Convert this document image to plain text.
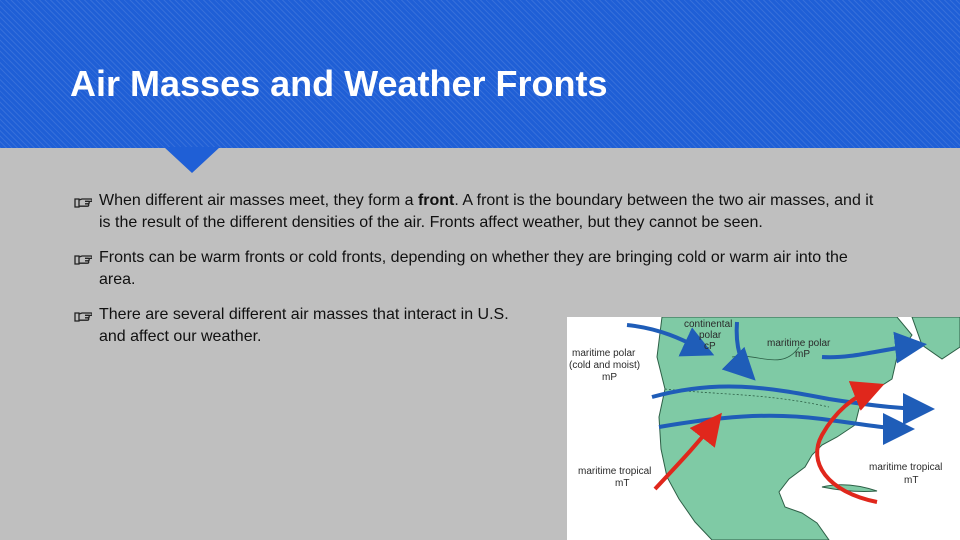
Air Masses and Weather Fronts
When different air masses meet, they form a front. A front is the boundary between the two air masses, and it is the result of the different densities of the air. Fronts affect weather, but they cannot be seen.
Fronts can be warm fronts or cold fronts, depending on whether they are bringing cold or warm air into the area.
There are several different air masses that interact in U.S. and affect our weather.
continental
polar
cP	maritime polar
mP
maritime polar
(cold and moist)
mP
maritime tropical
mT
maritime tropical
mT
